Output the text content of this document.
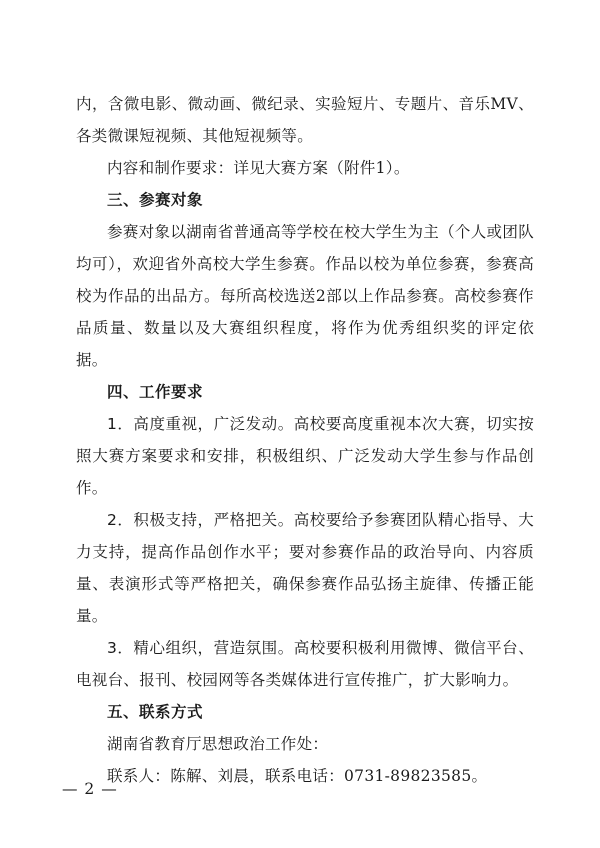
内，含微电影、微动画、微纪录、实验短片、专题片、音乐MV、各类微课短视频、其他短视频等。

内容和制作要求：详见大赛方案（附件1）。

三、参赛对象

参赛对象以湖南省普通高等学校在校大学生为主（个人或团队均可），欢迎省外高校大学生参赛。作品以校为单位参赛，参赛高校为作品的出品方。每所高校选送2部以上作品参赛。高校参赛作品质量、数量以及大赛组织程度，将作为优秀组织奖的评定依据。

四、工作要求

1．高度重视，广泛发动。高校要高度重视本次大赛，切实按照大赛方案要求和安排，积极组织、广泛发动大学生参与作品创作。

2．积极支持，严格把关。高校要给予参赛团队精心指导、大力支持，提高作品创作水平；要对参赛作品的政治导向、内容质量、表演形式等严格把关，确保参赛作品弘扬主旋律、传播正能量。

3．精心组织，营造氛围。高校要积极利用微博、微信平台、电视台、报刊、校园网等各类媒体进行宣传推广，扩大影响力。

五、联系方式

湖南省教育厅思想政治工作处：

联系人：陈解、刘晨，联系电话：0731-89823585。

— 2 —
